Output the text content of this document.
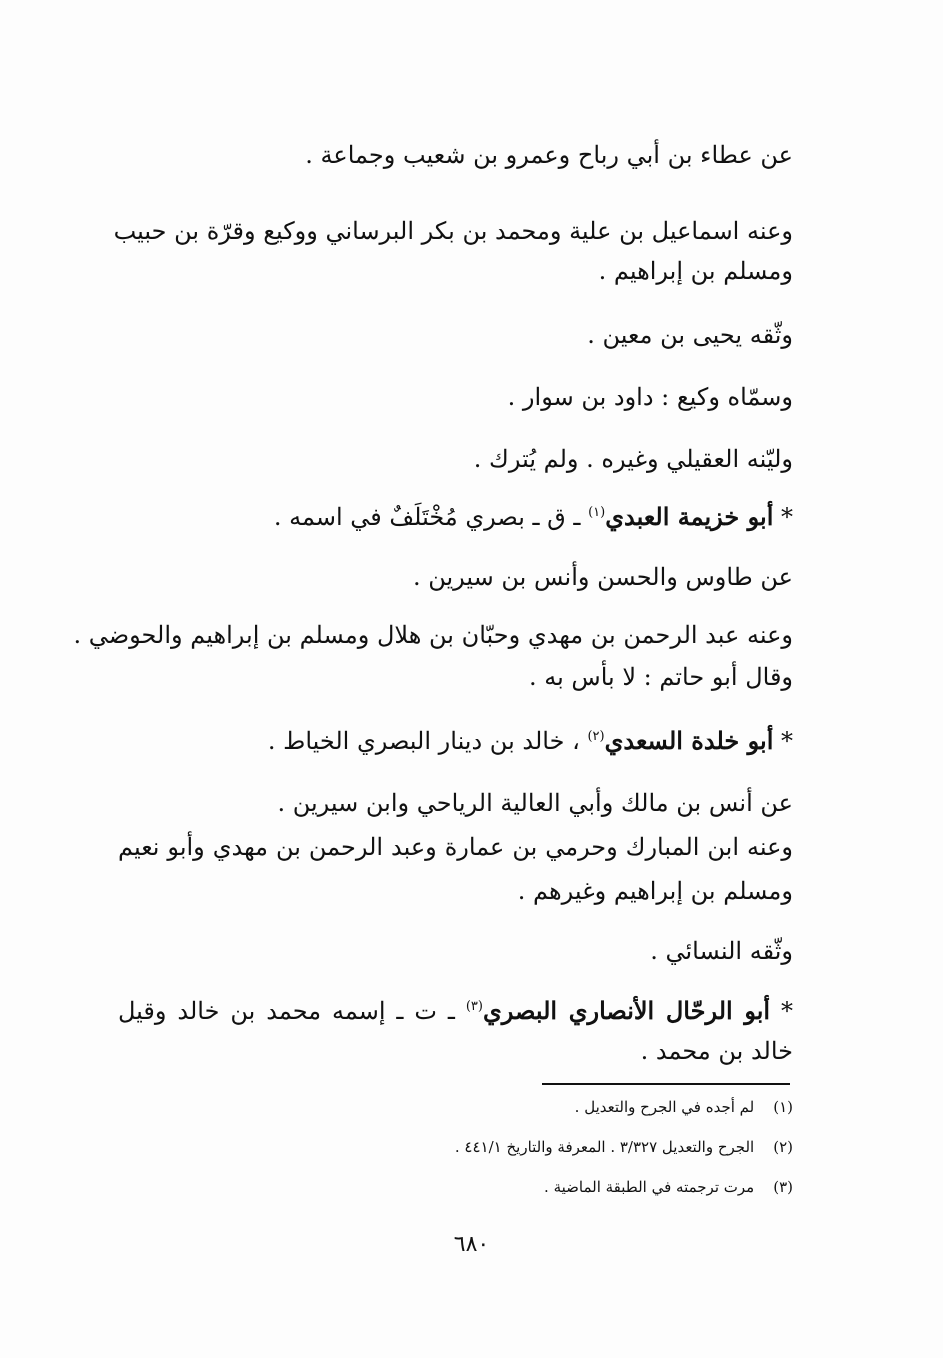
عن عطاء بن أبي رباح وعمرو بن شعيب وجماعة .
وعنه اسماعيل بن علية ومحمد بن بكر البرساني ووكيع وقرّة بن حبيب
ومسلم بن إبراهيم .
وثّقه يحيى بن معين .
وسمّاه وكيع : داود بن سوار .
وليّنه العقيلي وغيره . ولم يُترك .
* أبو خزيمة العبدي$^{(١)}$ ـ ق ـ بصري مُخْتَلَفٌ في اسمه .
عن طاوس والحسن وأنس بن سيرين .
وعنه عبد الرحمن بن مهدي وحبّان بن هلال ومسلم بن إبراهيم والحوضي .
وقال أبو حاتم : لا بأس به .
* أبو خلدة السعدي$^{(٢)}$ ، خالد بن دينار البصري الخياط .
عن أنس بن مالك وأبي العالية الرياحي وابن سيرين .
وعنه ابن المبارك وحرمي بن عمارة وعبد الرحمن بن مهدي وأبو نعيم
ومسلم بن إبراهيم وغيرهم .
وثّقه النسائي .
* أبو الرحّال الأنصاري البصري$^{(٣)}$ ـ ت ـ إسمه محمد بن خالد وقيل
خالد بن محمد .
(١) لم أجده في الجرح والتعديل .
(٢) الجرح والتعديل ٣/٣٢٧ . المعرفة والتاريخ ٤٤١/١ .
(٣) مرت ترجمته في الطبقة الماضية .
٦٨٠
